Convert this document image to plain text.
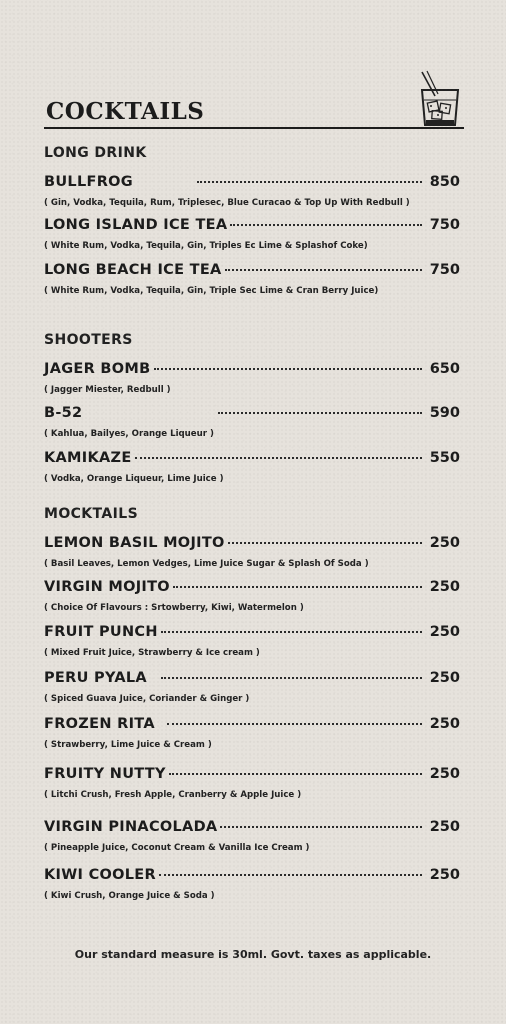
COCKTAILS
LONG DRINK
BULLFROG	850
( Gin, Vodka, Tequila, Rum, Triplesec, Blue Curacao & Top Up With Redbull )
LONG ISLAND ICE TEA	750
( White Rum, Vodka, Tequila, Gin, Triples Ec Lime & Splashof Coke)
LONG BEACH ICE TEA	750
( White Rum, Vodka, Tequila, Gin, Triple Sec Lime & Cran Berry Juice)
SHOOTERS
JAGER BOMB	650
( Jagger Miester, Redbull )
B-52	590
( Kahlua, Bailyes, Orange Liqueur )
KAMIKAZE	550
( Vodka, Orange Liqueur, Lime Juice )
MOCKTAILS
LEMON BASIL MOJITO	250
( Basil Leaves, Lemon Vedges, Lime Juice Sugar & Splash Of Soda )
VIRGIN MOJITO	250
( Choice Of Flavours : Srtowberry, Kiwi, Watermelon )
FRUIT PUNCH	250
( Mixed Fruit Juice, Strawberry & Ice cream )
PERU PYALA	250
( Spiced Guava Juice, Coriander & Ginger )
FROZEN RITA	250
( Strawberry, Lime Juice & Cream )
FRUITY NUTTY	250
( Litchi Crush, Fresh Apple, Cranberry & Apple Juice )
VIRGIN PINACOLADA	250
( Pineapple Juice, Coconut Cream & Vanilla Ice Cream )
KIWI COOLER	250
( Kiwi Crush, Orange Juice & Soda )
Our standard measure is 30ml. Govt. taxes as applicable.
